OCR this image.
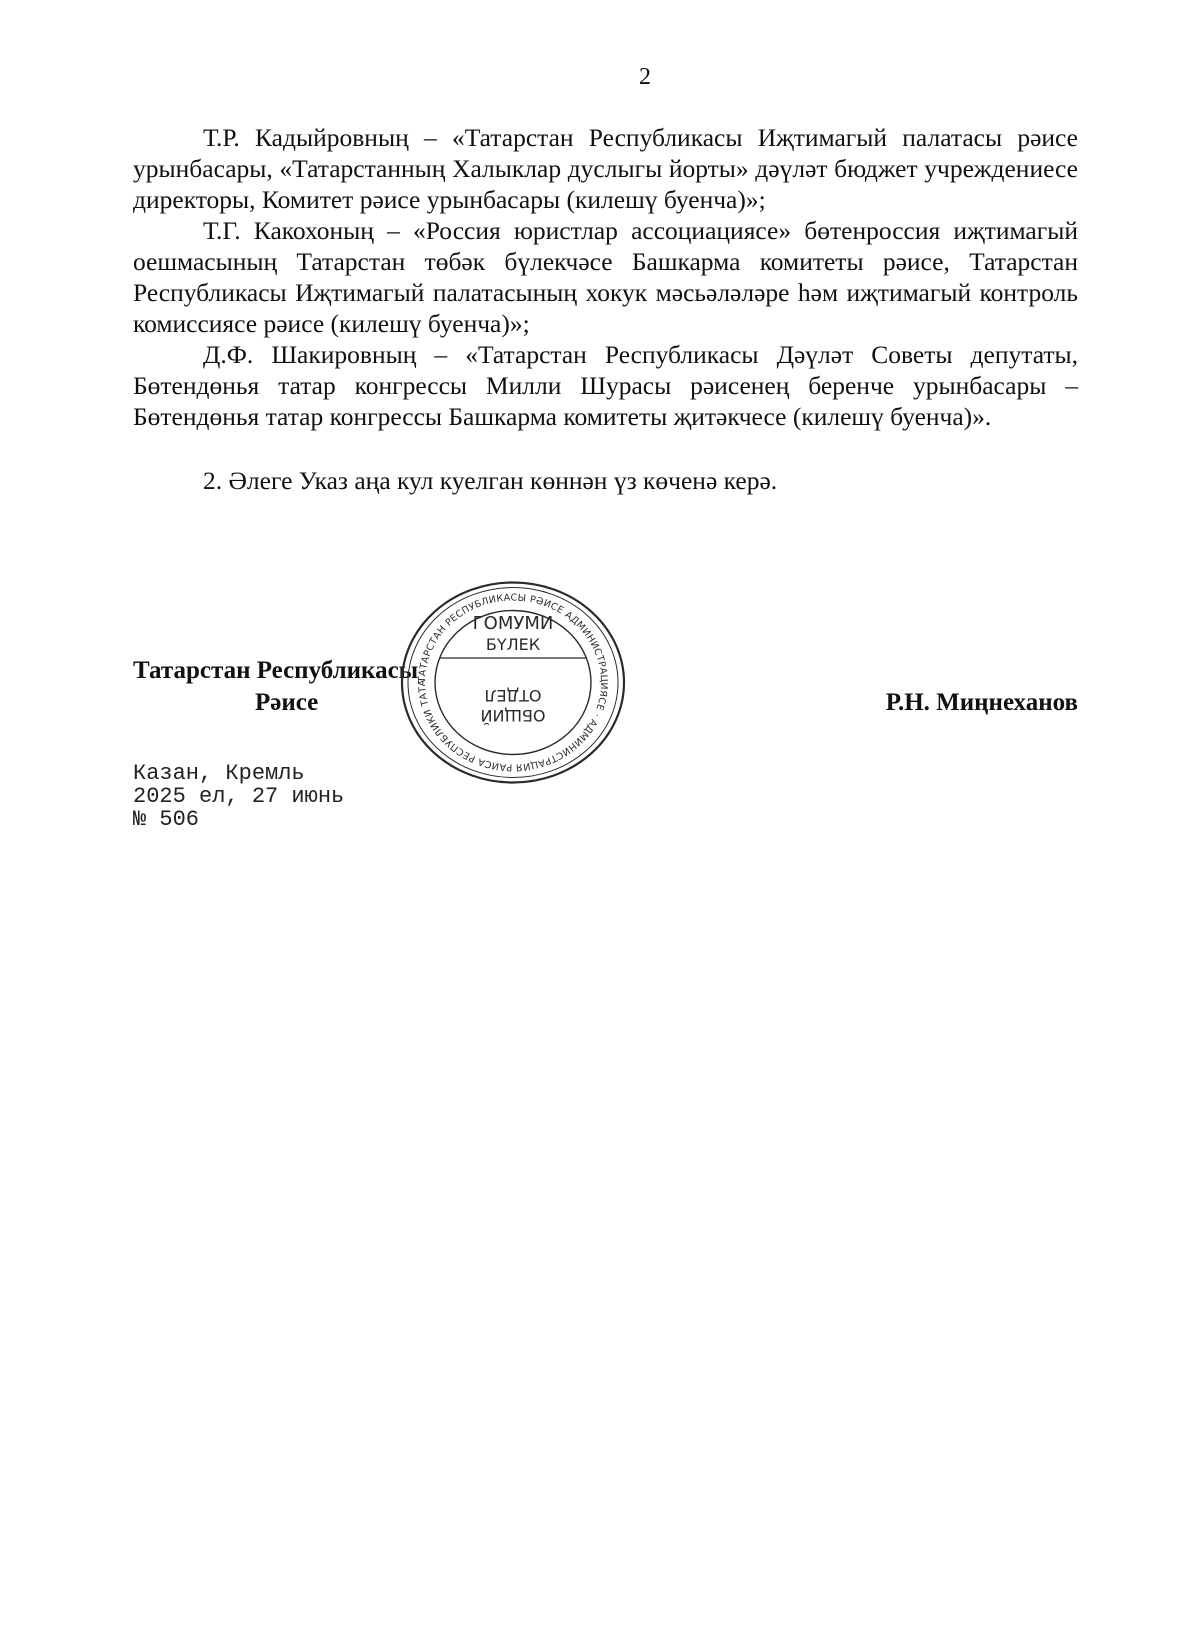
2

Т.Р. Кадыйровның – «Татарстан Республикасы Иҗтимагый палатасы рәисе урынбасары, «Татарстанның Халыклар дуслыгы йорты» дәүләт бюджет учреждениесе директоры, Комитет рәисе урынбасары (килешү буенча)»;

Т.Г. Какохоның – «Россия юристлар ассоциациясе» бөтенроссия иҗтимагый оешмасының Татарстан төбәк бүлекчәсе Башкарма комитеты рәисе, Татарстан Республикасы Иҗтимагый палатасының хокук мәсьәләләре һәм иҗтимагый контроль комиссиясе рәисе (килешү буенча)»;

Д.Ф. Шакировның – «Татарстан Республикасы Дәүләт Советы депутаты, Бөтендөнья татар конгрессы Милли Шурасы рәисенең беренче урынбасары – Бөтендөнья татар конгрессы Башкарма комитеты җитәкчесе (килешү буенча)».

2. Әлеге Указ аңа кул куелган көннән үз көченә керә.

Татарстан Республикасы
Рәисе	Р.Н. Миңнеханов
Казан, Кремль
2025 ел, 27 июнь
№ 506
ТАТАРСТАН РЕСПУБЛИКАСЫ РӘИСЕ АДМИНИСТРАЦИЯСЕ · АДМИНИСТРАЦИЯ РАИСА РЕСПУБЛИКИ ТАТАРСТАН ·
ГОМУМИ
БҮЛЕК
ОТДЕЛ
ОБЩИЙ
